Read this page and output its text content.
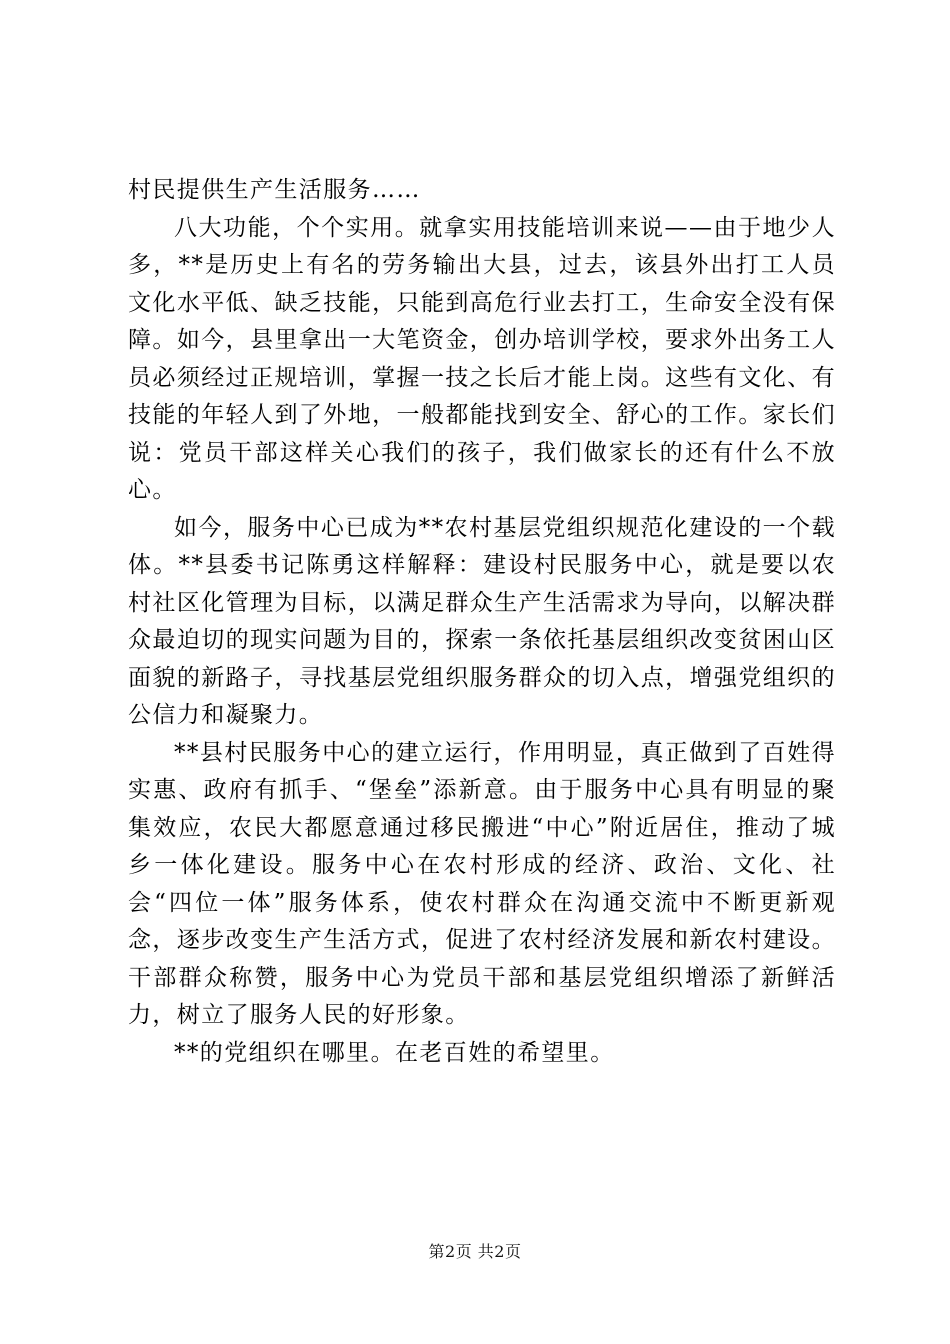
村民提供生产生活服务……

八大功能，个个实用。就拿实用技能培训来说——由于地少人多，**是历史上有名的劳务输出大县，过去，该县外出打工人员文化水平低、缺乏技能，只能到高危行业去打工，生命安全没有保障。如今，县里拿出一大笔资金，创办培训学校，要求外出务工人员必须经过正规培训，掌握一技之长后才能上岗。这些有文化、有技能的年轻人到了外地，一般都能找到安全、舒心的工作。家长们说：党员干部这样关心我们的孩子，我们做家长的还有什么不放心。

如今，服务中心已成为**农村基层党组织规范化建设的一个载体。**县委书记陈勇这样解释：建设村民服务中心，就是要以农村社区化管理为目标，以满足群众生产生活需求为导向，以解决群众最迫切的现实问题为目的，探索一条依托基层组织改变贫困山区面貌的新路子，寻找基层党组织服务群众的切入点，增强党组织的公信力和凝聚力。

**县村民服务中心的建立运行，作用明显，真正做到了百姓得实惠、政府有抓手、“堡垒”添新意。由于服务中心具有明显的聚集效应，农民大都愿意通过移民搬进“中心”附近居住，推动了城乡一体化建设。服务中心在农村形成的经济、政治、文化、社会“四位一体”服务体系，使农村群众在沟通交流中不断更新观念，逐步改变生产生活方式，促进了农村经济发展和新农村建设。干部群众称赞，服务中心为党员干部和基层党组织增添了新鲜活力，树立了服务人民的好形象。

**的党组织在哪里。在老百姓的希望里。

第2页 共2页
